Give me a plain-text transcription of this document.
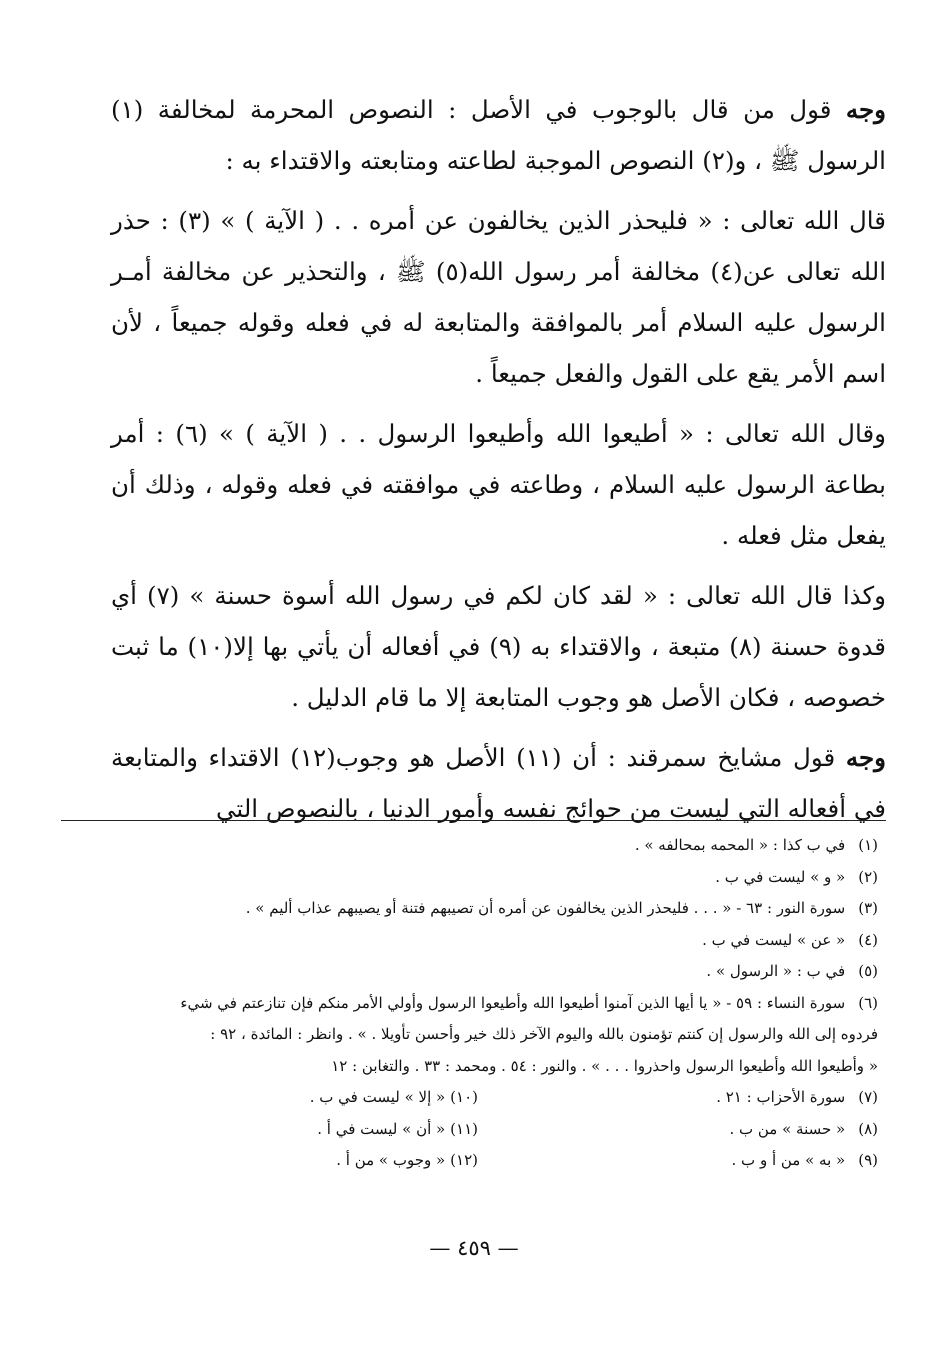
وجه قول من قال بالوجوب في الأصل : النصوص المحرمة لمخالفة (١) الرسول ﷺ ، و(٢) النصوص الموجبة لطاعته ومتابعته والاقتداء به :

قال الله تعالى : « فليحذر الذين يخالفون عن أمره . . ( الآية ) » (٣) : حذر الله تعالى عن(٤) مخالفة أمر رسول الله(٥) ﷺ ، والتحذير عن مخالفة أمـر الرسول عليه السلام أمر بالموافقة والمتابعة له في فعله وقوله جميعاً ، لأن اسم الأمر يقع على القول والفعل جميعاً .

وقال الله تعالى : « أطيعوا الله وأطيعوا الرسول . . ( الآية ) » (٦) : أمر بطاعة الرسول عليه السلام ، وطاعته في موافقته في فعله وقوله ، وذلك أن يفعل مثل فعله .

وكذا قال الله تعالى : « لقد كان لكم في رسول الله أسوة حسنة » (٧) أي قدوة حسنة (٨) متبعة ، والاقتداء به (٩) في أفعاله أن يأتي بها إلا(١٠) ما ثبت خصوصه ، فكان الأصل هو وجوب المتابعة إلا ما قام الدليل .

وجه قول مشايخ سمرقند : أن (١١) الأصل هو وجوب(١٢) الاقتداء والمتابعة في أفعاله التي ليست من حوائج نفسه وأمور الدنيا ، بالنصوص التي

(١) في ب كذا : « المحمه بمحالفه » .

(٢) « و » ليست في ب .

(٣) سورة النور : ٦٣ - « . . . فليحذر الذين يخالفون عن أمره أن تصيبهم فتنة أو يصيبهم عذاب أليم » .

(٤) « عن » ليست في ب .

(٥) في ب : « الرسول » .

(٦) سورة النساء : ٥٩ - « يا أيها الذين آمنوا أطيعوا الله وأطيعوا الرسول وأولي الأمر منكم فإن تنازعتم في شيء

فردوه إلى الله والرسول إن كنتم تؤمنون بالله واليوم الآخر ذلك خير وأحسن تأويلا . » . وانظر : المائدة ، ٩٢ :

« وأطيعوا الله وأطيعوا الرسول واحذروا . . . » . والنور : ٥٤ . ومحمد : ٣٣ . والتغابن : ١٢

(٧) سورة الأحزاب : ٢١ .

(٨) « حسنة » من ب .

(٩) « به » من أ و ب .

(١٠) « إلا » ليست في ب .

(١١) « أن » ليست في أ .

(١٢) « وجوب » من أ .

— ٤٥٩ —
